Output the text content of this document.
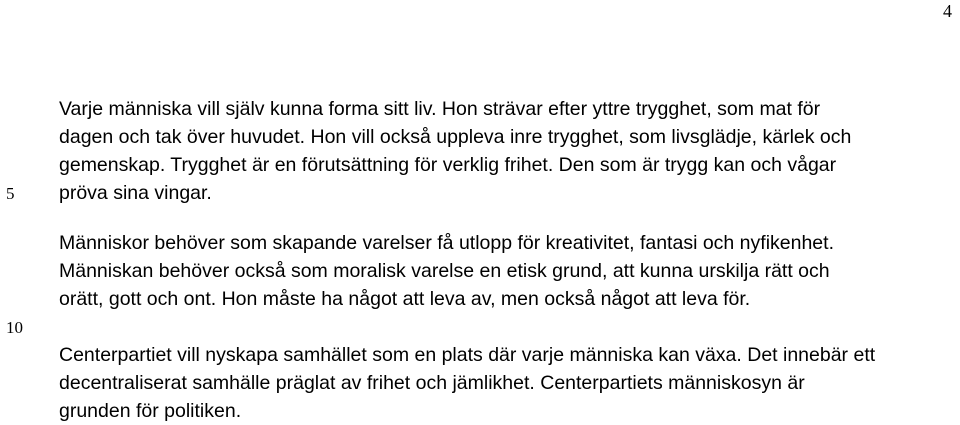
4
5
10

Varje människa vill själv kunna forma sitt liv. Hon strävar efter yttre trygghet, som mat för
dagen och tak över huvudet. Hon vill också uppleva inre trygghet, som livsglädje, kärlek och
gemenskap. Trygghet är en förutsättning för verklig frihet. Den som är trygg kan och vågar
pröva sina vingar.

Människor behöver som skapande varelser få utlopp för kreativitet, fantasi och nyfikenhet.
Människan behöver också som moralisk varelse en etisk grund, att kunna urskilja rätt och
orätt, gott och ont. Hon måste ha något att leva av, men också något att leva för.

Centerpartiet vill nyskapa samhället som en plats där varje människa kan växa. Det innebär ett
decentraliserat samhälle präglat av frihet och jämlikhet. Centerpartiets människosyn är
grunden för politiken.
